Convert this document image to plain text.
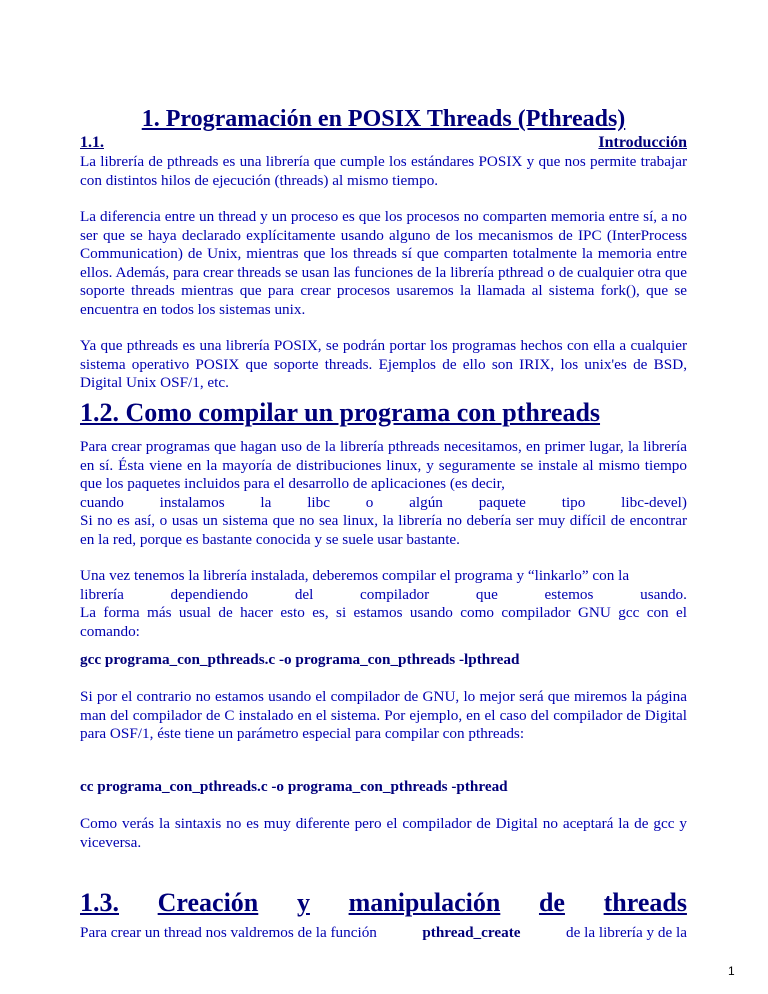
1. Programación en POSIX Threads (Pthreads)
1.1.	Introducción

La librería de pthreads es una librería que cumple los estándares POSIX y que nos permite trabajar con distintos hilos de ejecución (threads) al mismo tiempo.

La diferencia entre un thread y un proceso es que los procesos no comparten memoria entre sí, a no ser que se haya declarado explícitamente usando alguno de los mecanismos de IPC (InterProcess Communication) de Unix, mientras que los threads sí que comparten totalmente la memoria entre ellos. Además, para crear threads se usan las funciones de la librería pthread o de cualquier otra que soporte threads mientras que para crear procesos usaremos la llamada al sistema fork(), que se encuentra en todos los sistemas unix.

Ya que pthreads es una librería POSIX, se podrán portar los programas hechos con ella a cualquier sistema operativo POSIX que soporte threads. Ejemplos de ello son IRIX, los unix'es de BSD, Digital Unix OSF/1, etc.

1.2. Como compilar un programa con pthreads
Para crear programas que hagan uso de la librería pthreads necesitamos, en primer lugar, la librería en sí. Ésta viene en la mayoría de distribuciones linux, y seguramente se instale al mismo tiempo que los paquetes incluidos para el desarrollo de aplicaciones (es decir,
cuando instalamos la libc o algún paquete tipo libc-devel)
Si no es así, o usas un sistema que no sea linux, la librería no debería ser muy difícil de encontrar en la red, porque es bastante conocida y se suele usar bastante.
Una vez tenemos la librería instalada, deberemos compilar el programa y “linkarlo” con la
librería	dependiendo	del	compilador	que	estemos	usando.
La forma más usual de hacer esto es, si estamos usando como compilador GNU gcc con el comando:

gcc programa_con_pthreads.c -o programa_con_pthreads -lpthread

Si por el contrario no estamos usando el compilador de GNU, lo mejor será que miremos la página man del compilador de C instalado en el sistema. Por ejemplo, en el caso del compilador de Digital para OSF/1, éste tiene un parámetro especial para compilar con pthreads:

cc programa_con_pthreads.c -o programa_con_pthreads -pthread

Como verás la sintaxis no es muy diferente pero el compilador de Digital no aceptará la de gcc y viceversa.

1.3. Creación y manipulación de threads

Para crear un thread nos valdremos de la función	pthread_create	de la librería y de la

1
